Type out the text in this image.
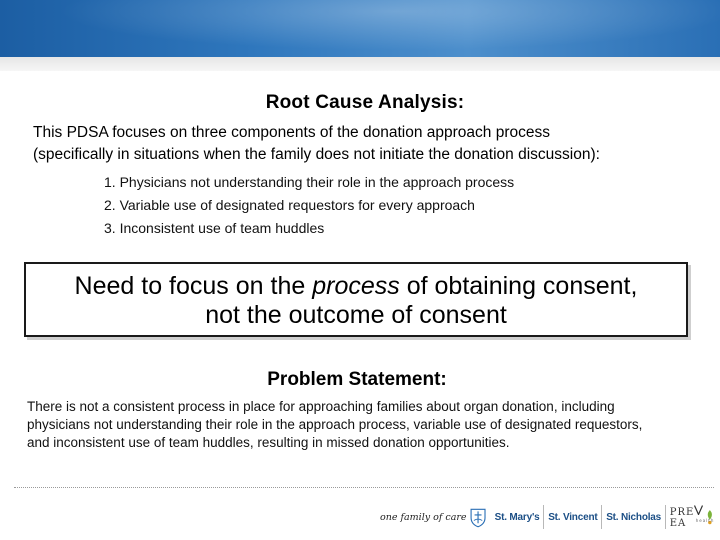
Root Cause Analysis:
This PDSA focuses on three components of the donation approach process
(specifically in situations when the family does not initiate the donation discussion):
1. Physicians not understanding their role in the approach process
2. Variable use of designated requestors for every approach
3. Inconsistent use of team huddles
Need to focus on the process of obtaining consent,
not the outcome of consent
Problem Statement:
There is not a consistent process in place for approaching families about organ donation, including
physicians not understanding their role in the approach process, variable use of designated requestors,
and inconsistent use of team huddles, resulting in missed donation opportunities.
one family of care	St. Mary's St. Vincent St. Nicholas PREEA health
